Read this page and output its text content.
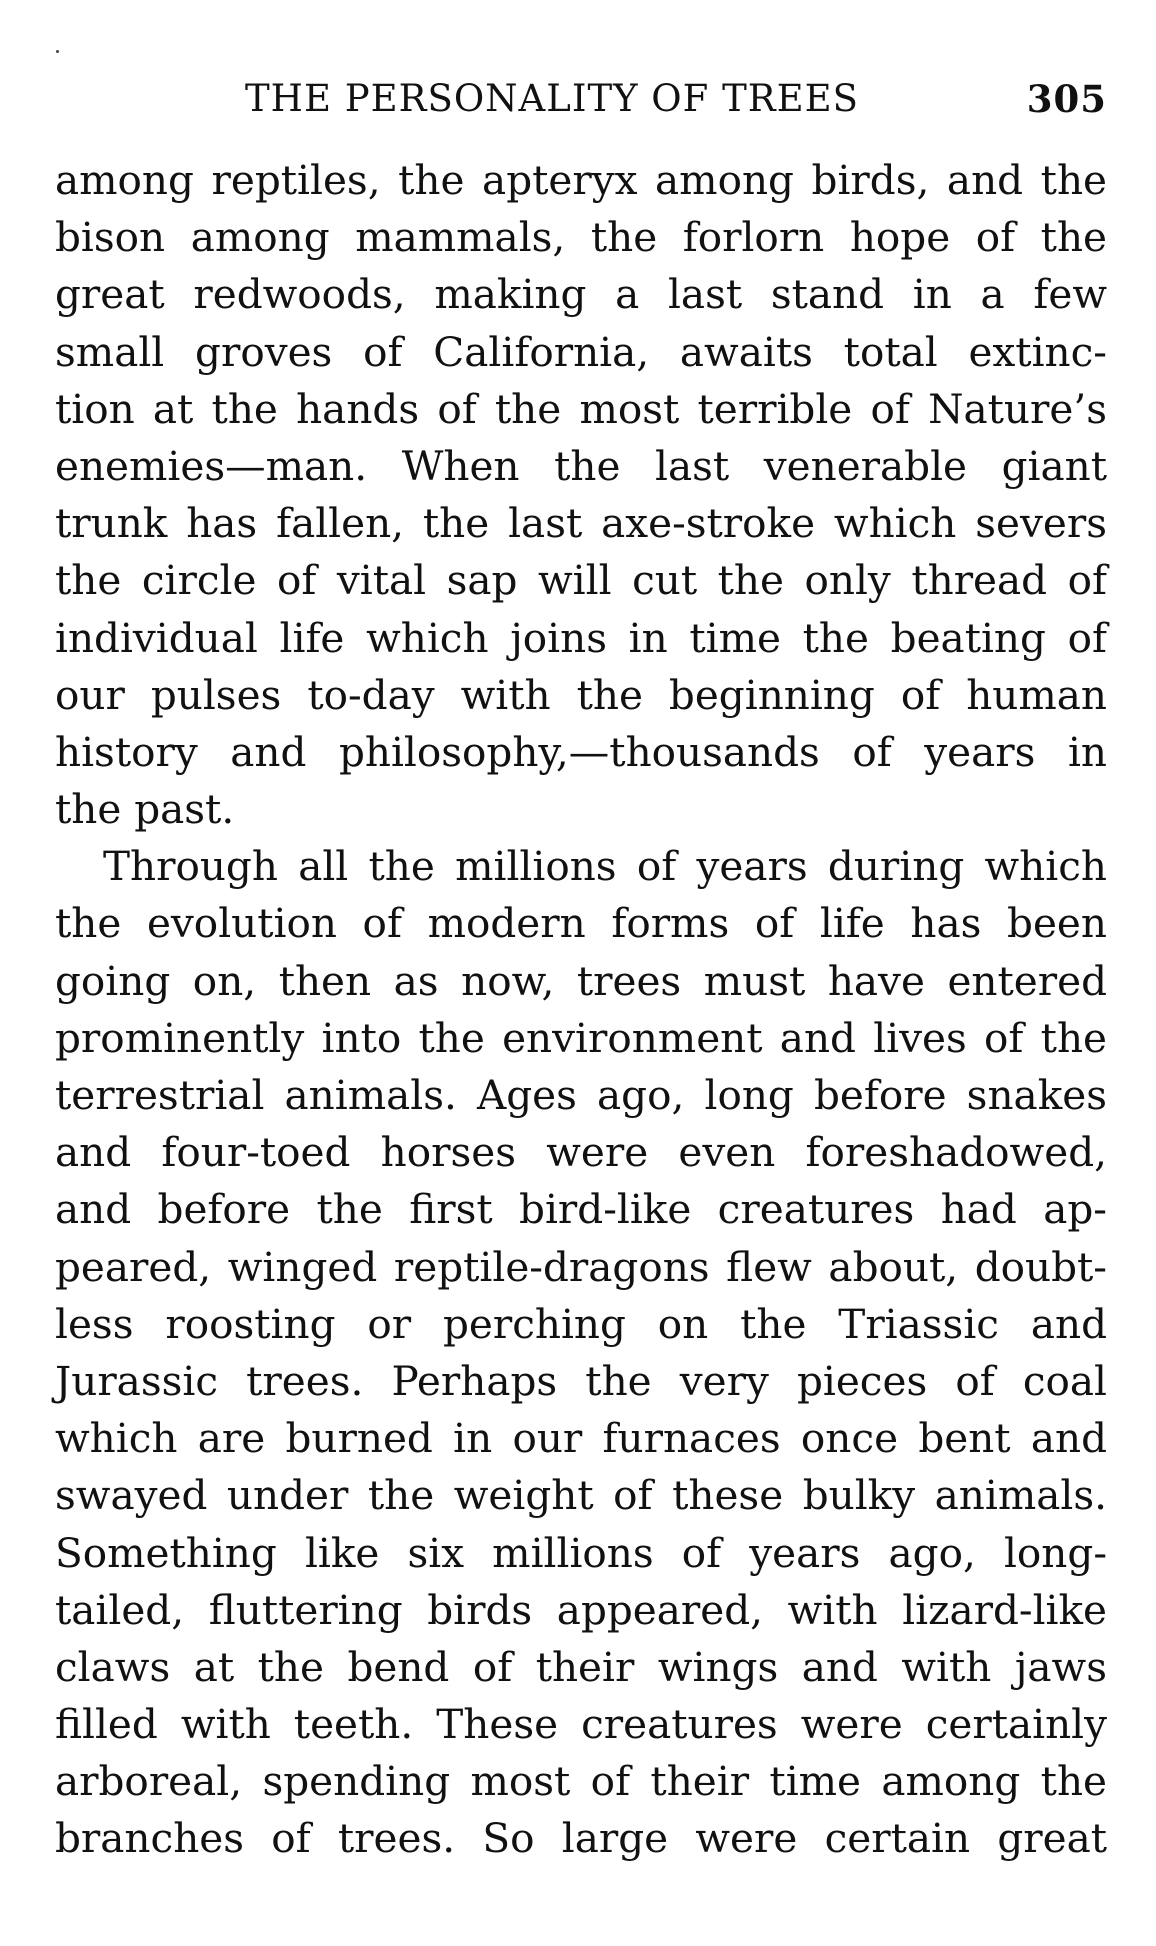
THE PERSONALITY OF TREES	305
among reptiles, the apteryx among birds, and the
bison among mammals, the forlorn hope of the
great redwoods, making a last stand in a few
small groves of California, awaits total extinc-
tion at the hands of the most terrible of Nature’s
enemies—man. When the last venerable giant
trunk has fallen, the last axe-stroke which severs
the circle of vital sap will cut the only thread of
individual life which joins in time the beating of
our pulses to-day with the beginning of human
history and philosophy,—thousands of years in
the past.
Through all the millions of years during which
the evolution of modern forms of life has been
going on, then as now, trees must have entered
prominently into the environment and lives of the
terrestrial animals. Ages ago, long before snakes
and four-toed horses were even foreshadowed,
and before the first bird-like creatures had ap-
peared, winged reptile-dragons flew about, doubt-
less roosting or perching on the Triassic and
Jurassic trees. Perhaps the very pieces of coal
which are burned in our furnaces once bent and
swayed under the weight of these bulky animals.
Something like six millions of years ago, long-
tailed, fluttering birds appeared, with lizard-like
claws at the bend of their wings and with jaws
filled with teeth. These creatures were certainly
arboreal, spending most of their time among the
branches of trees. So large were certain great
